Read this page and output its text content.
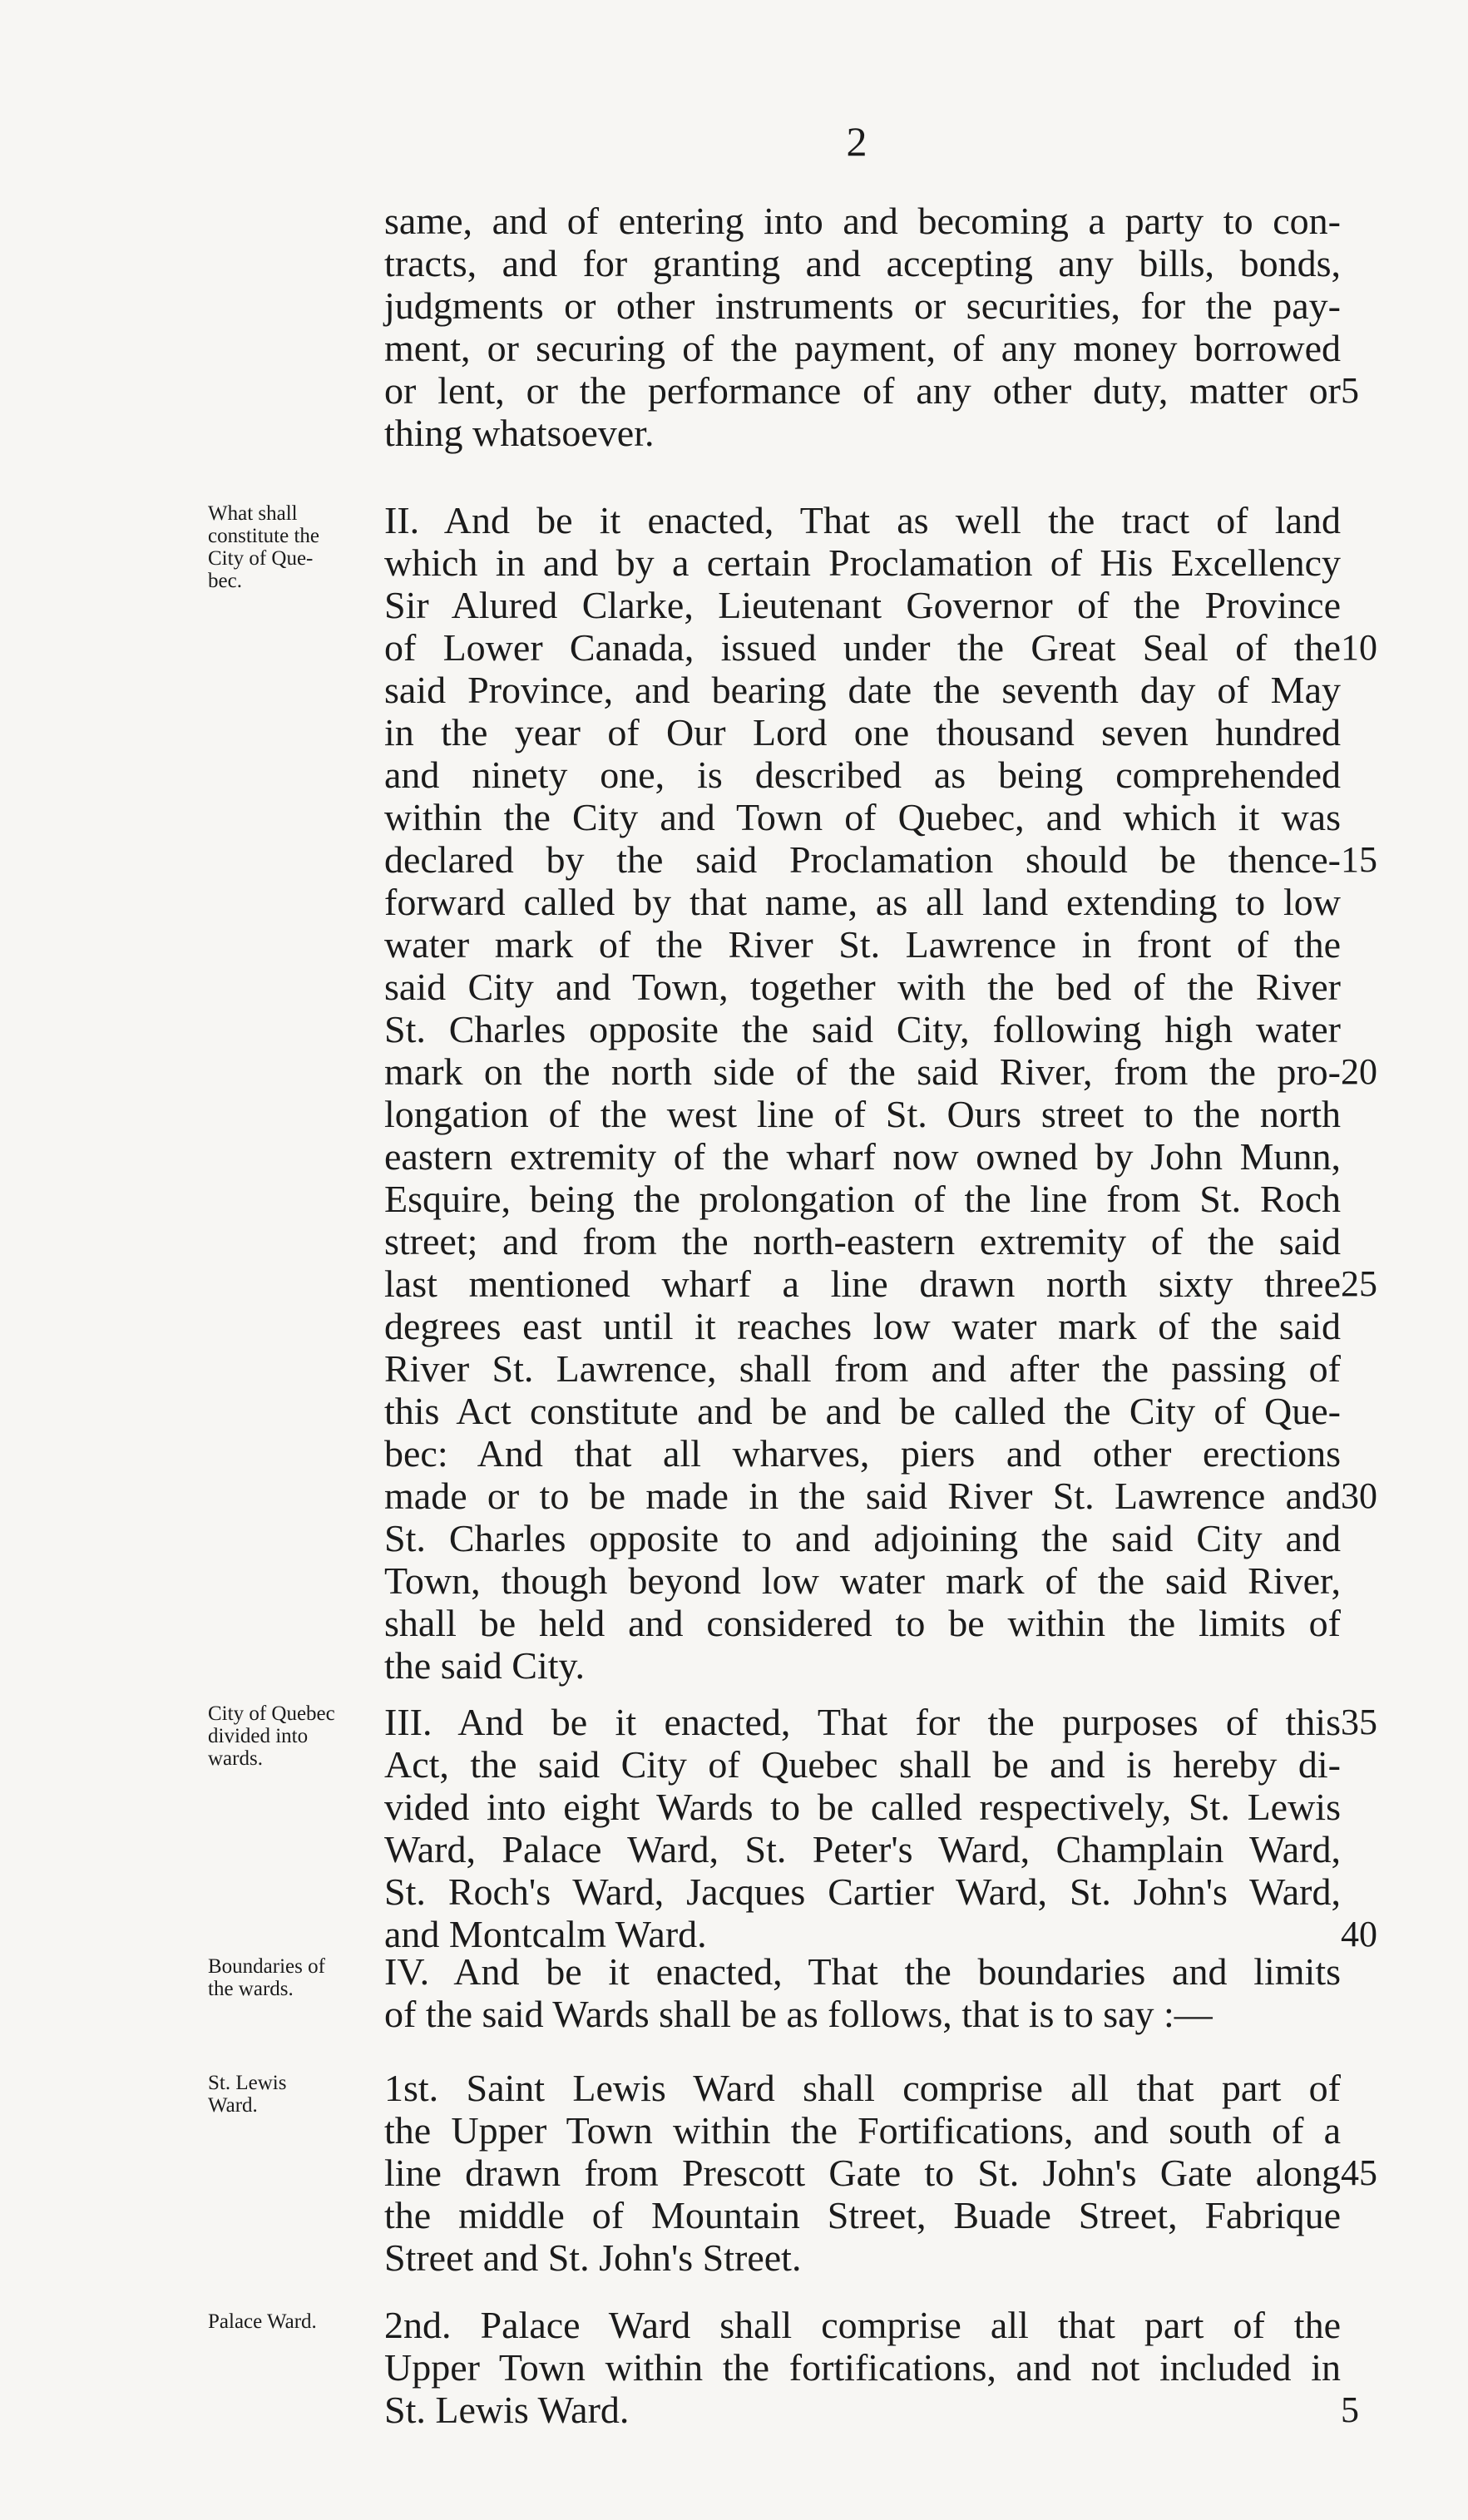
2
5
same, and of entering into and becoming a party to con-
tracts, and for granting and accepting any bills, bonds,
judgments or other instruments or securities, for the pay-
ment, or securing of the payment, of any money borrowed
or lent, or the performance of any other duty, matter or
thing whatsoever.
What shall
constitute the
City of Que-
bec.
10
15
20
25
30
II. And be it enacted, That as well the tract of land
which in and by a certain Proclamation of His Excellency
Sir Alured Clarke, Lieutenant Governor of the Province
of Lower Canada, issued under the Great Seal of the
said Province, and bearing date the seventh day of May
in the year of Our Lord one thousand seven hundred
and ninety one, is described as being comprehended
within the City and Town of Quebec, and which it was
declared by the said Proclamation should be thence-
forward called by that name, as all land extending to low
water mark of the River St. Lawrence in front of the
said City and Town, together with the bed of the River
St. Charles opposite the said City, following high water
mark on the north side of the said River, from the pro-
longation of the west line of St. Ours street to the north
eastern extremity of the wharf now owned by John Munn,
Esquire, being the prolongation of the line from St. Roch
street; and from the north-eastern extremity of the said
last mentioned wharf a line drawn north sixty three
degrees east until it reaches low water mark of the said
River St. Lawrence, shall from and after the passing of
this Act constitute and be and be called the City of Que-
bec: And that all wharves, piers and other erections
made or to be made in the said River St. Lawrence and
St. Charles opposite to and adjoining the said City and
Town, though beyond low water mark of the said River,
shall be held and considered to be within the limits of
the said City.
City of Quebec
divided into
wards.
35
40
III. And be it enacted, That for the purposes of this
Act, the said City of Quebec shall be and is hereby di-
vided into eight Wards to be called respectively, St. Lewis
Ward, Palace Ward, St. Peter's Ward, Champlain Ward,
St. Roch's Ward, Jacques Cartier Ward, St. John's Ward,
and Montcalm Ward.
Boundaries of
the wards.	IV. And be it enacted, That the boundaries and limits
of the said Wards shall be as follows, that is to say :—
St. Lewis
Ward.
45
1st. Saint Lewis Ward shall comprise all that part of
the Upper Town within the Fortifications, and south of a
line drawn from Prescott Gate to St. John's Gate along
the middle of Mountain Street, Buade Street, Fabrique
Street and St. John's Street.
Palace Ward.
5
2nd. Palace Ward shall comprise all that part of the
Upper Town within the fortifications, and not included in
St. Lewis Ward.
